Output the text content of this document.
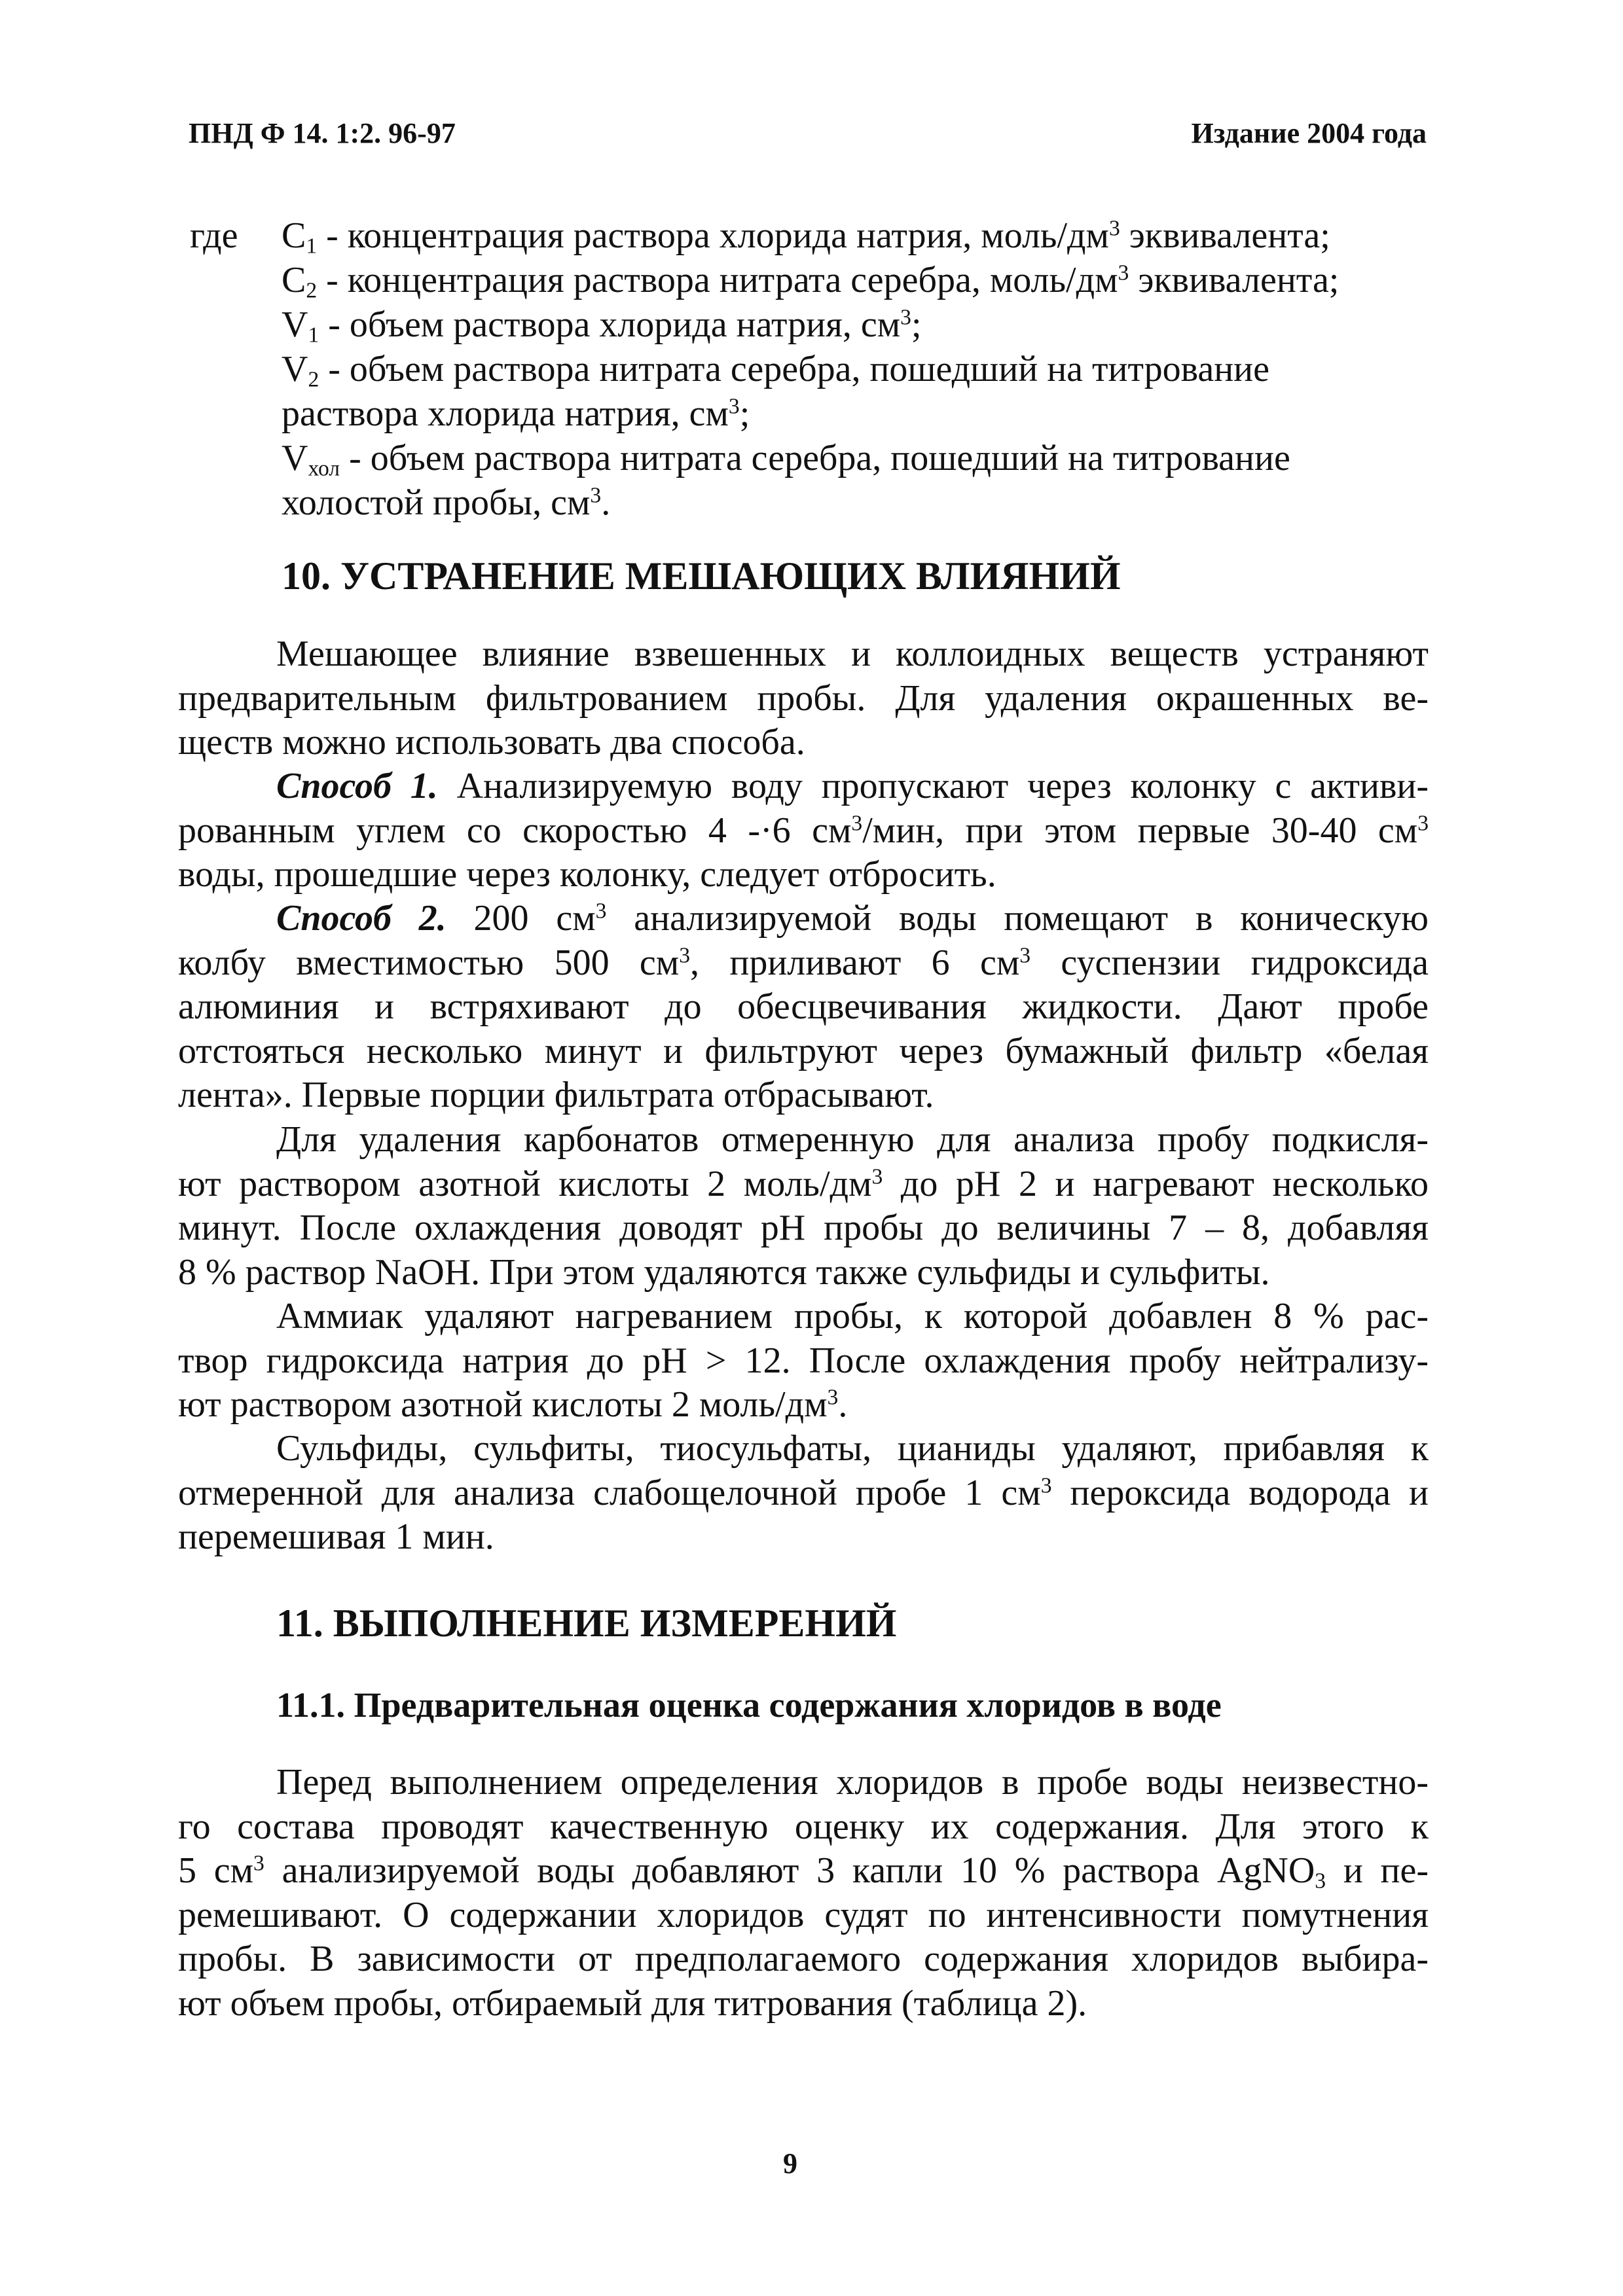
ПНД Ф 14. 1:2. 96-97	Издание 2004 года
где $C_1$ - концентрация раствора хлорида натрия, моль/$дм^3$ эквивалента;
$C_2$ - концентрация раствора нитрата серебра, моль/$дм^3$ эквивалента;
$V_1$ - объем раствора хлорида натрия, $см^3$;
$V_2$ - объем раствора нитрата серебра, пошедший на титрование
раствора хлорида натрия, $см^3$;
$V_{хол}$ - объем раствора нитрата серебра, пошедший на титрование
холостой пробы, $см^3$.
10. УСТРАНЕНИЕ МЕШАЮЩИХ ВЛИЯНИЙ
Мешающее влияние взвешенных и коллоидных веществ устраняют
предварительным фильтрованием пробы. Для удаления окрашенных ве-
ществ можно использовать два способа.
Способ 1. Анализируемую воду пропускают через колонку с активи-
рованным углем со скоростью 4 -·6 $см^3$/мин, при этом первые 30-40 $см^3$
воды, прошедшие через колонку, следует отбросить.
Способ 2. 200 $см^3$ анализируемой воды помещают в коническую
колбу вместимостью 500 $см^3$, приливают 6 $см^3$ суспензии гидроксида
алюминия и встряхивают до обесцвечивания жидкости. Дают пробе
отстояться несколько минут и фильтруют через бумажный фильтр «белая
лента». Первые порции фильтрата отбрасывают.
Для удаления карбонатов отмеренную для анализа пробу подкисля-
ют раствором азотной кислоты 2 моль/$дм^3$ до pH 2 и нагревают несколько
минут. После охлаждения доводят pH пробы до величины 7 – 8, добавляя
8 % раствор NaOH. При этом удаляются также сульфиды и сульфиты.
Аммиак удаляют нагреванием пробы, к которой добавлен 8 % рас-
твор гидроксида натрия до pH > 12. После охлаждения пробу нейтрализу-
ют раствором азотной кислоты 2 моль/$дм^3$.
Сульфиды, сульфиты, тиосульфаты, цианиды удаляют, прибавляя к
отмеренной для анализа слабощелочной пробе 1 $см^3$ пероксида водорода и
перемешивая 1 мин.
11. ВЫПОЛНЕНИЕ ИЗМЕРЕНИЙ
11.1. Предварительная оценка содержания хлоридов в воде
Перед выполнением определения хлоридов в пробе воды неизвестно-
го состава проводят качественную оценку их содержания. Для этого к
5 $см^3$ анализируемой воды добавляют 3 капли 10 % раствора AgNO$_3$ и пе-
ремешивают. О содержании хлоридов судят по интенсивности помутнения
пробы. В зависимости от предполагаемого содержания хлоридов выбира-
ют объем пробы, отбираемый для титрования (таблица 2).
9
